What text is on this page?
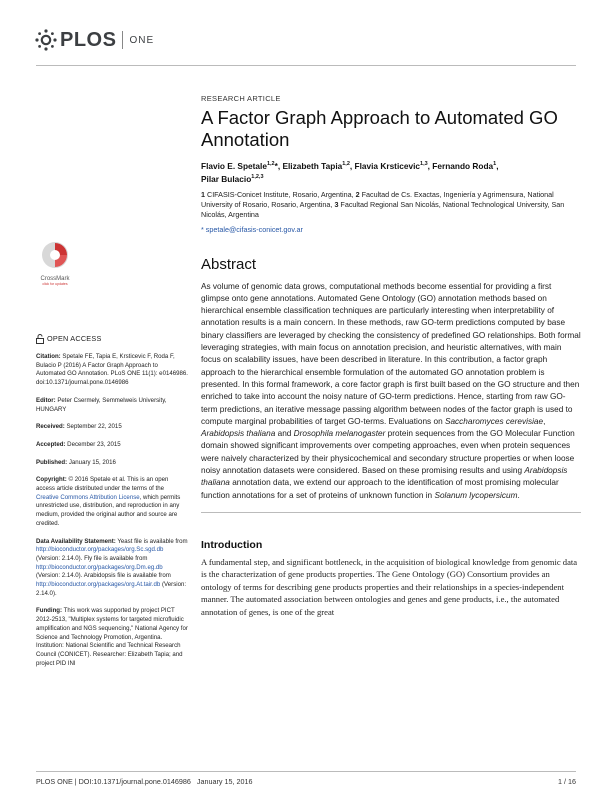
PLOS ONE
RESEARCH ARTICLE
A Factor Graph Approach to Automated GO Annotation
Flavio E. Spetale$^{1,2}$*, Elizabeth Tapia$^{1,2}$, Flavia Krsticevic$^{1,3}$, Fernando Roda$^1$,
Pilar Bulacio$^{1,2,3}$
1 CIFASIS-Conicet Institute, Rosario, Argentina, 2 Facultad de Cs. Exactas, Ingeniería y Agrimensura, National University of Rosario, Rosario, Argentina, 3 Facultad Regional San Nicolás, National Technological University, San Nicolás, Argentina
* spetale@cifasis-conicet.gov.ar
Abstract
As volume of genomic data grows, computational methods become essential for providing a first glimpse onto gene annotations. Automated Gene Ontology (GO) annotation methods based on hierarchical ensemble classification techniques are particularly interesting when interpretability of annotation results is a main concern. In these methods, raw GO-term predictions computed by base binary classifiers are leveraged by checking the consistency of predefined GO relationships. Both formal leveraging strategies, with main focus on annotation precision, and heuristic alternatives, with main focus on scalability issues, have been described in literature. In this contribution, a factor graph approach to the hierarchical ensemble formulation of the automated GO annotation problem is presented. In this formal framework, a core factor graph is first built based on the GO structure and then enriched to take into account the noisy nature of GO-term predictions. Hence, starting from raw GO-term predictions, an iterative message passing algorithm between nodes of the factor graph is used to compute marginal probabilities of target GO-terms. Evaluations on Saccharomyces cerevisiae, Arabidopsis thaliana and Drosophila melanogaster protein sequences from the GO Molecular Function domain showed significant improvements over competing approaches, even when protein sequences were naively characterized by their physicochemical and secondary structure properties or when loose noisy annotation datasets were considered. Based on these promising results and using Arabidopsis thaliana annotation data, we extend our approach to the identification of most promising molecular function annotations for a set of proteins of unknown function in Solanum lycopersicum.
Introduction
A fundamental step, and significant bottleneck, in the acquisition of biological knowledge from genomic data is the characterization of gene products properties. The Gene Ontology (GO) Consortium provides an ontology of terms for describing gene products properties and their relationships in a species-independent manner. The automated association between ontologies and genes and gene products, i.e., the automated annotation of genes, is one of the great
CrossMark
click for updates
OPEN ACCESS
Citation: Spetale FE, Tapia E, Krsticevic F, Roda F, Bulacio P (2016) A Factor Graph Approach to Automated GO Annotation. PLoS ONE 11(1): e0146986. doi:10.1371/journal.pone.0146986
Editor: Peter Csermely, Semmelweis University, HUNGARY
Received: September 22, 2015
Accepted: December 23, 2015
Published: January 15, 2016
Copyright: © 2016 Spetale et al. This is an open access article distributed under the terms of the Creative Commons Attribution License, which permits unrestricted use, distribution, and reproduction in any medium, provided the original author and source are credited.
Data Availability Statement: Yeast file is available from http://bioconductor.org/packages/org.Sc.sgd.db (Version: 2.14.0). Fly file is available from http://bioconductor.org/packages/org.Dm.eg.db (Version: 2.14.0). Arabidopsis file is available from http://bioconductor.org/packages/org.At.tair.db (Version: 2.14.0).
Funding: This work was supported by project PICT 2012-2513, "Multiplex systems for targeted microfluidic amplification and NGS sequencing," National Agency for Science and Technology Promotion, Argentina. Institution: National Scientific and Technical Research Council (CONICET). Researcher: Elizabeth Tapia; and project PID INI
PLOS ONE | DOI:10.1371/journal.pone.0146986   January 15, 2016	1 / 16
